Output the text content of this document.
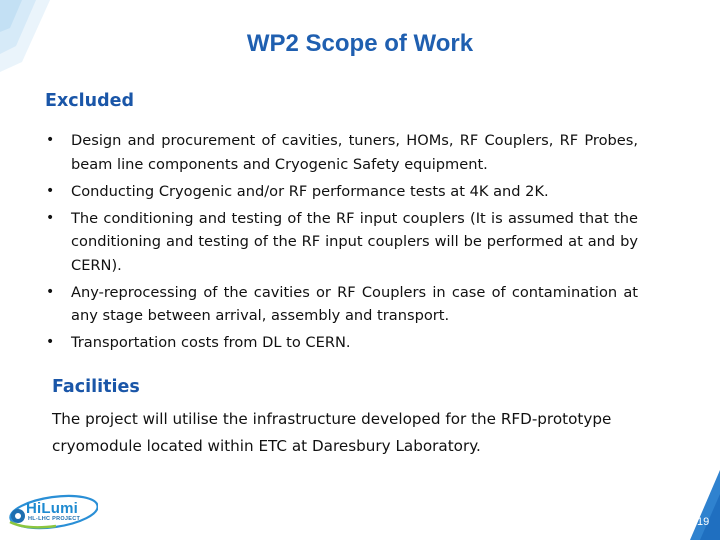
WP2 Scope of Work
Excluded
• Design and procurement of cavities, tuners, HOMs, RF Couplers, RF Probes, beam line components and Cryogenic Safety equipment.
• Conducting Cryogenic and/or RF performance tests at 4K and 2K.
• The conditioning and testing of the RF input couplers (It is assumed that the conditioning and testing of the RF input couplers will be performed at and by CERN).
• Any-reprocessing of the cavities or RF Couplers in case of contamination at any stage between arrival, assembly and transport.
• Transportation costs from DL to CERN.
Facilities

The project will utilise the infrastructure developed for the RFD-prototype cryomodule located within ETC at Daresbury Laboratory.

HiLumi
HL-LHC PROJECT	19
